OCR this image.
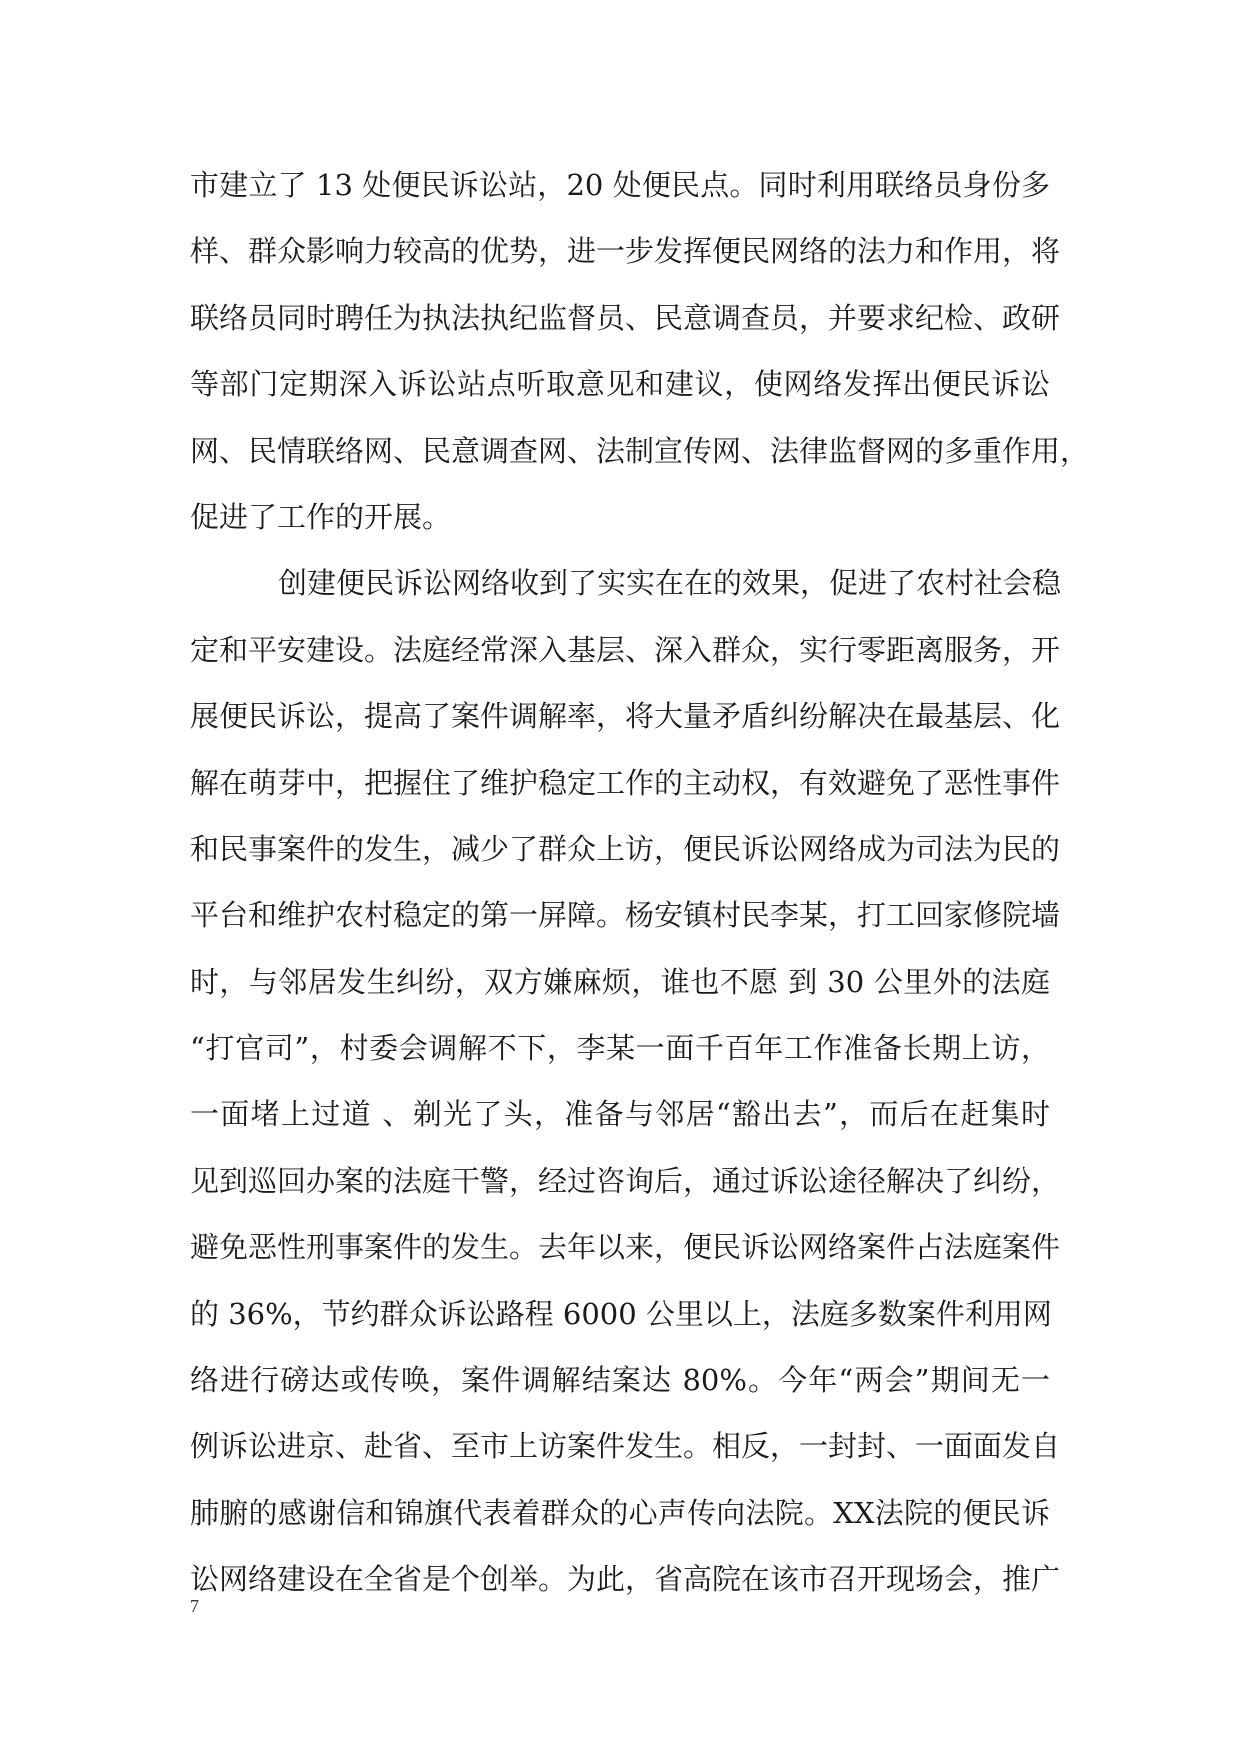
市建立了 13 处便民诉讼站，20 处便民点。同时利用联络员身份多
样、群众影响力较高的优势，进一步发挥便民网络的法力和作用，将
联络员同时聘任为执法执纪监督员、民意调查员，并要求纪检、政研
等部门定期深入诉讼站点听取意见和建议，使网络发挥出便民诉讼
网、民情联络网、民意调查网、法制宣传网、法律监督网的多重作用，
促进了工作的开展。
创建便民诉讼网络收到了实实在在的效果，促进了农村社会稳
定和平安建设。法庭经常深入基层、深入群众，实行零距离服务，开
展便民诉讼，提高了案件调解率，将大量矛盾纠纷解决在最基层、化
解在萌芽中，把握住了维护稳定工作的主动权，有效避免了恶性事件
和民事案件的发生，减少了群众上访，便民诉讼网络成为司法为民的
平台和维护农村稳定的第一屏障。杨安镇村民李某，打工回家修院墙
时，与邻居发生纠纷，双方嫌麻烦，谁也不愿 到 30 公里外的法庭
“打官司”，村委会调解不下，李某一面千百年工作准备长期上访，
一面堵上过道 、剃光了头，准备与邻居“豁出去”，而后在赶集时
见到巡回办案的法庭干警，经过咨询后，通过诉讼途径解决了纠纷，
避免恶性刑事案件的发生。去年以来，便民诉讼网络案件占法庭案件
的 36%，节约群众诉讼路程 6000 公里以上，法庭多数案件利用网
络进行磅达或传唤，案件调解结案达 80%。今年“两会”期间无一
例诉讼进京、赴省、至市上访案件发生。相反，一封封、一面面发自
肺腑的感谢信和锦旗代表着群众的心声传向法院。XX法院的便民诉
讼网络建设在全省是个创举。为此，省高院在该市召开现场会，推广
7
